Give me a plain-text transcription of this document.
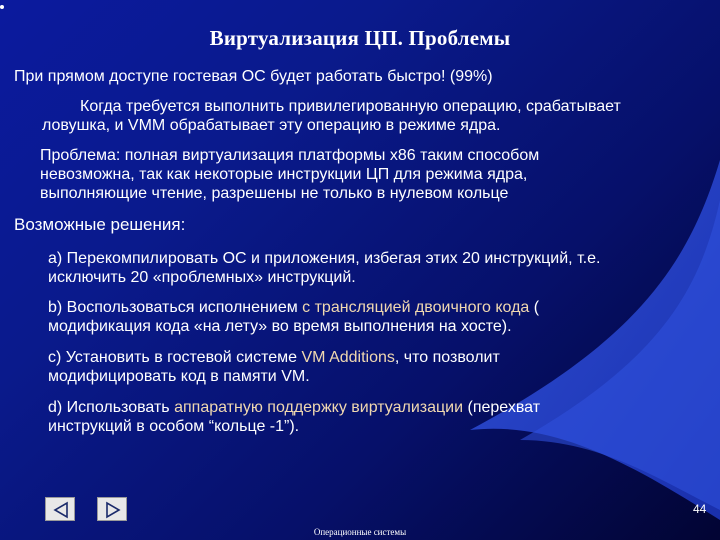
Виртуализация ЦП. Проблемы
При прямом доступе гостевая ОС будет работать быстро! (99%)
Когда требуется выполнить привилегированную операцию, срабатывает
ловушка, и VMM обрабатывает эту операцию в режиме ядра.
Проблема: полная виртуализация платформы x86 таким способом
невозможна, так как некоторые инструкции ЦП для режима ядра,
выполняющие чтение, разрешены не только в нулевом кольце
Возможные решения:
a) Перекомпилировать ОС и приложения, избегая этих 20 инструкций, т.е.
исключить 20 «проблемных» инструкций.
b) Воспользоваться исполнением с трансляцией двоичного кода (
модификация кода «на лету» во время выполнения на хосте).
c) Установить в гостевой системе VM Additions, что позволит
модифицировать код в памяти VM.
d) Использовать аппаратную поддержку виртуализации (перехват
инструкций в особом “кольце -1”).
44
Операционные системы
